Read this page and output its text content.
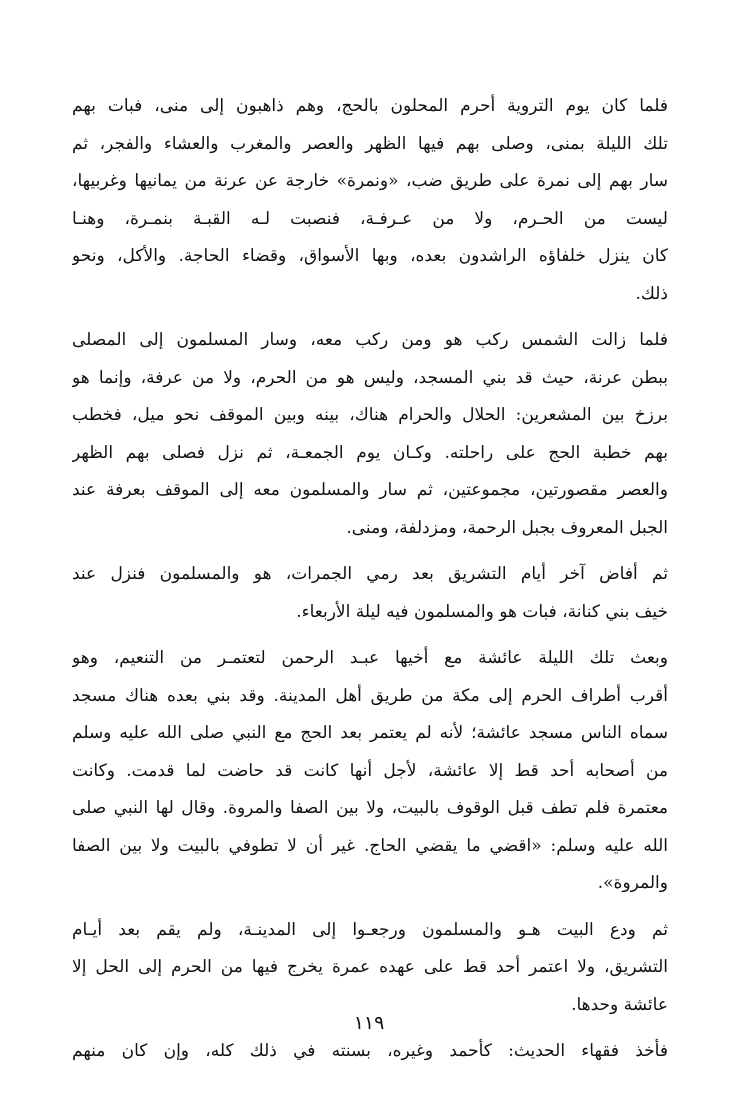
فلما كان يوم التروية أحرم المحلون بالحج، وهم ذاهبون إلى منى، فبات بهم
تلك الليلة بمنى، وصلى بهم فيها الظهر والعصر والمغرب والعشاء والفجر، ثم
سار بهم إلى نمرة على طريق ضب، «ونمرة» خارجة عن عرنة من يمانيها وغربيها،
ليست من الحـرم، ولا من عـرفـة، فنصبت لـه القبـة بنمـرة، وهنـا
كان ينزل خلفاؤه الراشدون بعده، وبها الأسواق، وقضاء الحاجة. والأكل، ونحو
ذلك.
فلما زالت الشمس ركب هو ومن ركب معه، وسار المسلمون إلى المصلى
ببطن عرنة، حيث قد بني المسجد، وليس هو من الحرم، ولا من عرفة، وإنما هو
برزخ بين المشعرين: الحلال والحرام هناك، بينه وبين الموقف نحو ميل، فخطب
بهم خطبة الحج على راحلته. وكـان يوم الجمعـة، ثم نزل فصلى بهم الظهر
والعصر مقصورتين، مجموعتين، ثم سار والمسلمون معه إلى الموقف بعرفة عند
الجبل المعروف بجبل الرحمة، ومزدلفة، ومنى.
ثم أفاض آخر أيام التشريق بعد رمي الجمرات، هو والمسلمون فنزل عند
خيف بني كنانة، فبات هو والمسلمون فيه ليلة الأربعاء.
وبعث تلك الليلة عائشة مع أخيها عبـد الرحمن لتعتمـر من التنعيم، وهو
أقرب أطراف الحرم إلى مكة من طريق أهل المدينة. وقد بني بعده هناك مسجد
سماه الناس مسجد عائشة؛ لأنه لم يعتمر بعد الحج مع النبي صلى الله عليه وسلم
من أصحابه أحد قط إلا عائشة، لأجل أنها كانت قد حاضت لما قدمت. وكانت
معتمرة فلم تطف قبل الوقوف بالبيت، ولا بين الصفا والمروة. وقال لها النبي صلى
الله عليه وسلم: «اقضي ما يقضي الحاج. غير أن لا تطوفي بالبيت ولا بين الصفا
والمروة».
ثم ودع البيت هـو والمسلمون ورجعـوا إلى المدينـة، ولم يقم بعد أيـام
التشريق، ولا اعتمر أحد قط على عهده عمرة يخرج فيها من الحرم إلى الحل إلا
عائشة وحدها.
فأخذ فقهاء الحديث: كأحمد وغيره، بسنته في ذلك كله، وإن كان منهم
١١٩
